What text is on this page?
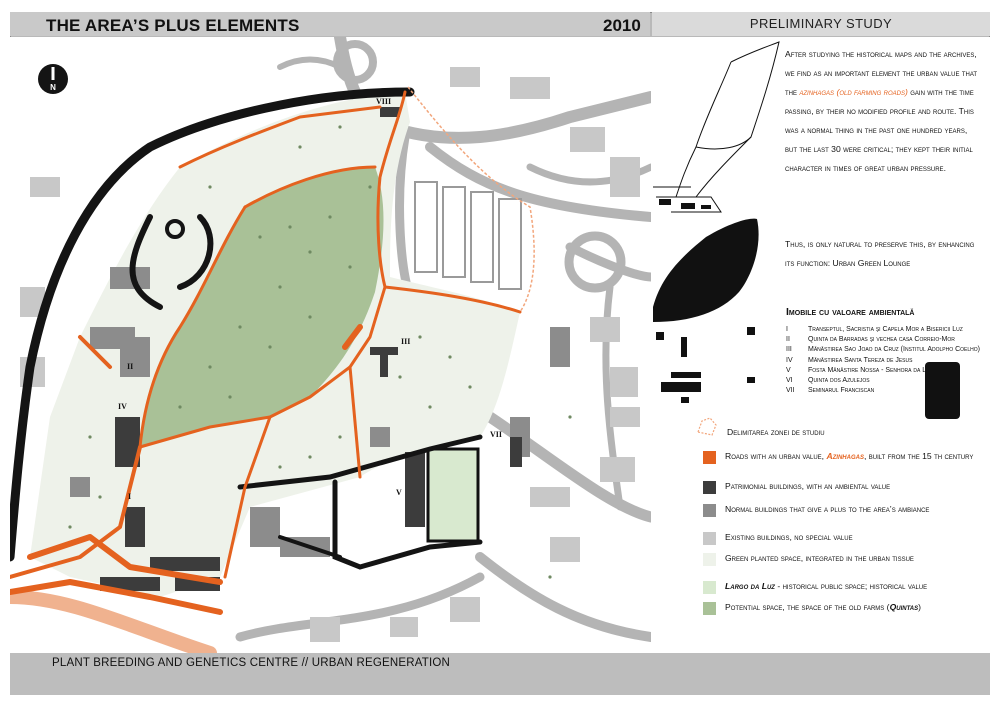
THE AREA’S PLUS ELEMENTS	2010	PRELIMINARY STUDY
N
VIII
III
II
IV
I
VII
V
After studying the historical maps and the archives, we find as an important element the urban value that the azinhagas (old farming roads) gain with the time passing, by their no modified profile and route. This was a normal thing in the past one hundred years, but the last 30 were critical; they kept their initial character in times of great urban pressure.
Thus, is only natural to preserve this, by enhancing its function: Urban Green Lounge
Imobile cu valoare ambientală
I	Transeptul, Sacristia şi Capela Mor a Bisericii Luz
II	Quinta da Barradas şi vechea casa Correio-Mor
III	Mănăstirea Sao Joao da Cruz (Institul Adolpho Coelho)
IV	Mănăstirea Santa Tereza de Jesus
V	Fosta Mănăstire Nossa - Senhora da L
VI	Quinta dos Azulejos
VII	Seminarul Franciscan
Delimitarea zonei de studiu
Roads with an urban value, Azinhagas, built from the 15 th century
Patrimonial buildings, with an ambiental value
Normal buildings that give a plus to the area’s ambiance
Existing buildings, no special value
Green planted space, integrated in the urban tissue
Largo da Luz - historical public space; historical value
Potential space, the space of the old farms (Quintas)
PLANT BREEDING AND GENETICS CENTRE // URBAN REGENERATION
